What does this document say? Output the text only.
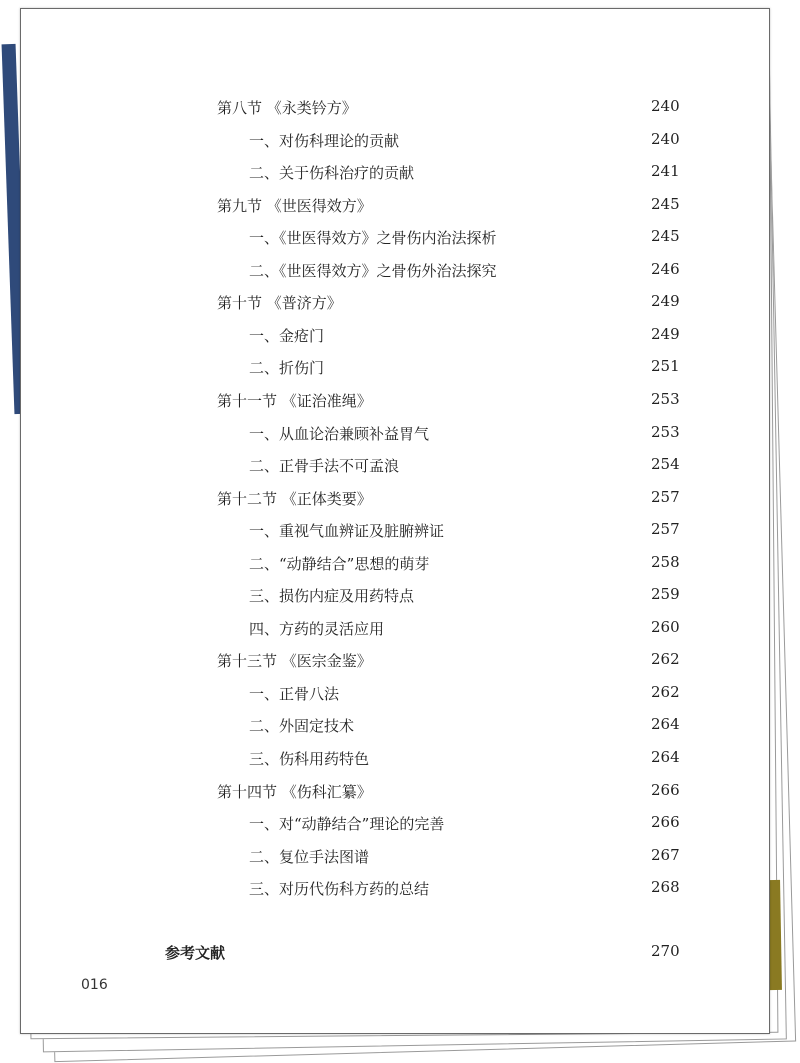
第八节 《永类钤方》	240
一、对伤科理论的贡献	240
二、关于伤科治疗的贡献	241
第九节 《世医得效方》	245
一、《世医得效方》之骨伤内治法探析	245
二、《世医得效方》之骨伤外治法探究	246
第十节 《普济方》	249
一、金疮门	249
二、折伤门	251
第十一节 《证治准绳》	253
一、从血论治兼顾补益胃气	253
二、正骨手法不可孟浪	254
第十二节 《正体类要》	257
一、重视气血辨证及脏腑辨证	257
二、“动静结合”思想的萌芽	258
三、损伤内症及用药特点	259
四、方药的灵活应用	260
第十三节 《医宗金鉴》	262
一、正骨八法	262
二、外固定技术	264
三、伤科用药特色	264
第十四节 《伤科汇纂》	266
一、对“动静结合”理论的完善	266
二、复位手法图谱	267
三、对历代伤科方药的总结	268
参考文献	270
016
